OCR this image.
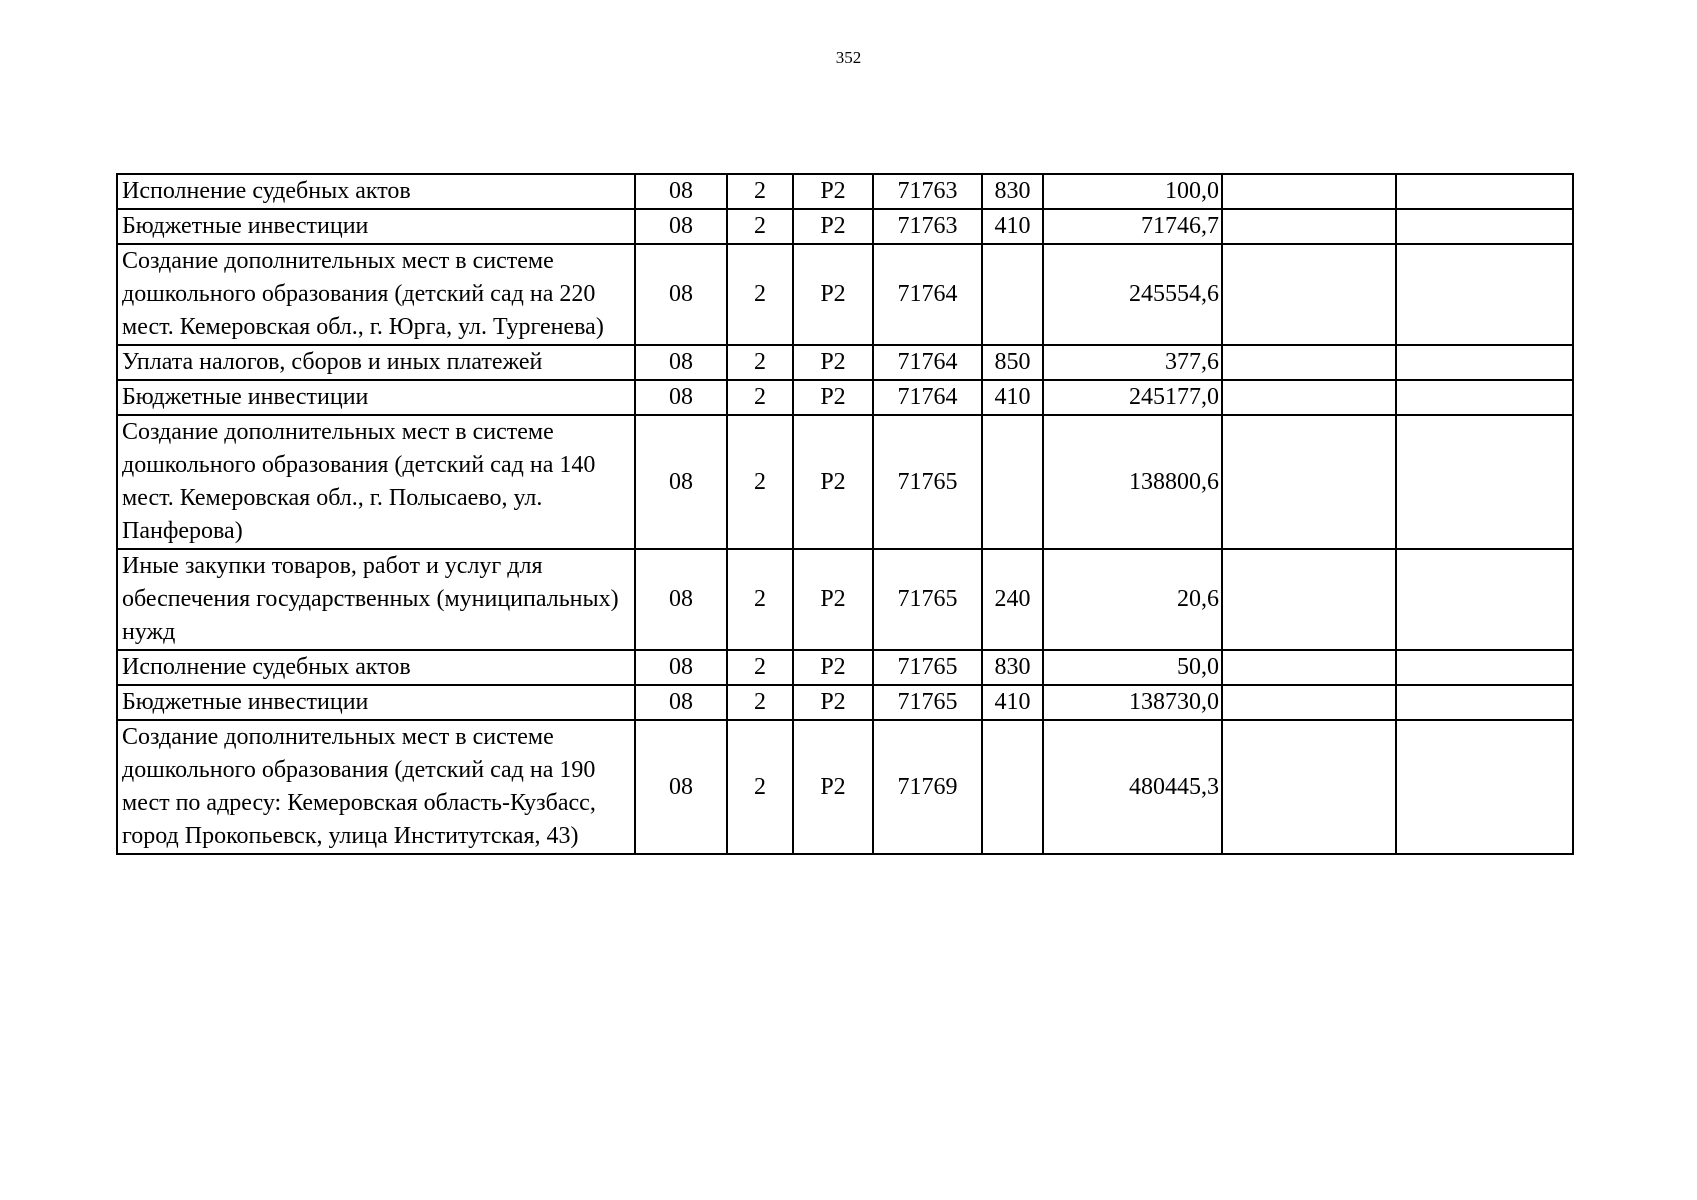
352
Исполнение судебных актов	08	2	P2	71763	830	100,0		
Бюджетные инвестиции	08	2	P2	71763	410	71746,7		
Создание дополнительных мест в системе дошкольного образования (детский сад на 220 мест. Кемеровская обл., г. Юрга, ул. Тургенева)	08	2	P2	71764		245554,6		
Уплата налогов, сборов и иных платежей	08	2	P2	71764	850	377,6		
Бюджетные инвестиции	08	2	P2	71764	410	245177,0		
Создание дополнительных мест в системе дошкольного образования (детский сад на 140 мест. Кемеровская обл., г. Полысаево, ул. Панферова)	08	2	P2	71765		138800,6		
Иные закупки товаров, работ и услуг для обеспечения государственных (муниципальных) нужд	08	2	P2	71765	240	20,6		
Исполнение судебных актов	08	2	P2	71765	830	50,0		
Бюджетные инвестиции	08	2	P2	71765	410	138730,0		
Создание дополнительных мест в системе дошкольного образования (детский сад на 190 мест по адресу: Кемеровская область-Кузбасс, город Прокопьевск, улица Институтская, 43)	08	2	P2	71769		480445,3		
